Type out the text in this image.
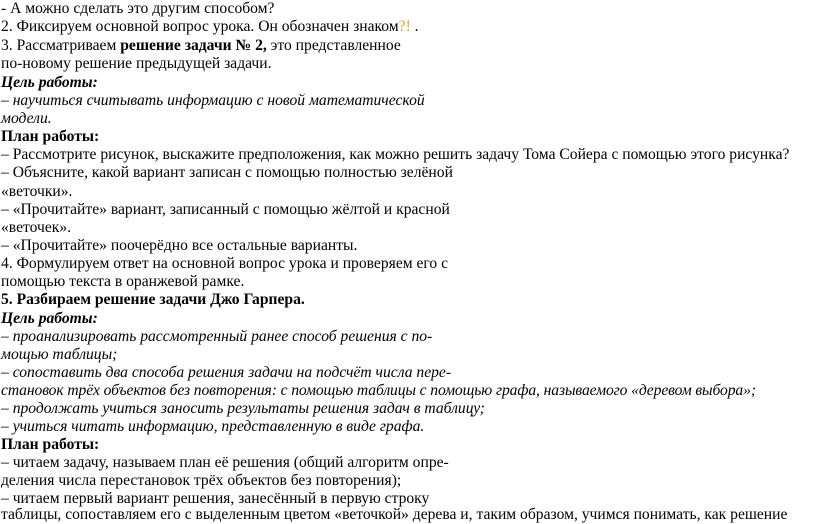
- А можно сделать это другим способом?

2. Фиксируем основной вопрос урока. Он обозначен знаком?! .

3. Рассматриваем решение задачи № 2, это представленное

по-новому решение предыдущей задачи.

Цель работы:

– научиться считывать информацию с новой математической

модели.

План работы:

– Рассмотрите рисунок, выскажите предположения, как можно решить задачу Тома Сойера с помощью этого рисунка?

– Объясните, какой вариант записан с помощью полностью зелёной

«веточки».

– «Прочитайте» вариант, записанный с помощью жёлтой и красной

«веточек».

– «Прочитайте» поочерёдно все остальные варианты.

4. Формулируем ответ на основной вопрос урока и проверяем его с

помощью текста в оранжевой рамке.

5. Разбираем решение задачи Джо Гарпера.

Цель работы:

– проанализировать рассмотренный ранее способ решения с по-

мощью таблицы;

– сопоставить два способа решения задачи на подсчёт числа пере-

становок трёх объектов без повторения: с помощью таблицы с помощью графа, называемого «деревом выбора»;

– продолжать учиться заносить результаты решения задач в таблицу;

– учиться читать информацию, представленную в виде графа.

План работы:

– читаем задачу, называем план её решения (общий алгоритм опре-

деления числа перестановок трёх объектов без повторения);

– читаем первый вариант решения, занесённый в первую строку

таблицы, сопоставляем его с выделенным цветом «веточкой» дерева и, таким образом, учимся понимать, как решение
